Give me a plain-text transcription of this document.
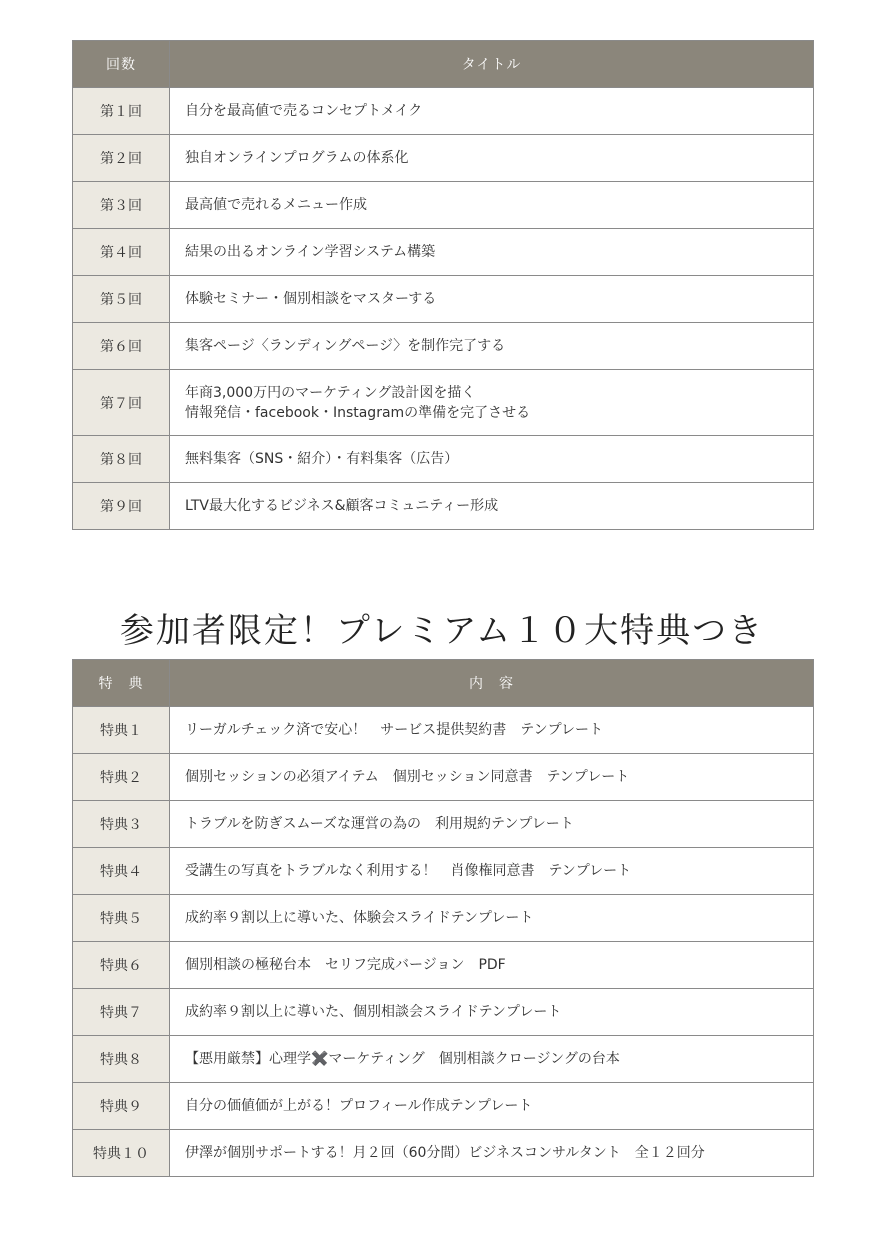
回数	タイトル
第１回	自分を最高値で売るコンセプトメイク

第２回	独自オンラインプログラムの体系化

第３回	最高値で売れるメニュー作成

第４回	結果の出るオンライン学習システム構築

第５回	体験セミナー・個別相談をマスターする

第６回	集客ページ〈ランディングページ〉を制作完了する

第７回	年商3,000万円のマーケティング設計図を描く
情報発信・facebook・Instagramの準備を完了させる

第８回	無料集客（SNS・紹介）・有料集客（広告）

第９回	LTV最大化するビジネス&顧客コミュニティー形成
参加者限定！プレミアム１０大特典つき
特　典	内　容
特典１	リーガルチェック済で安心！　サービス提供契約書　テンプレート
特典２	個別セッションの必須アイテム　個別セッション同意書　テンプレート
特典３	トラブルを防ぎスムーズな運営の為の　利用規約テンプレート
特典４	受講生の写真をトラブルなく利用する！　肖像権同意書　テンプレート
特典５	成約率９割以上に導いた、体験会スライドテンプレート
特典６	個別相談の極秘台本　セリフ完成バージョン　PDF
特典７	成約率９割以上に導いた、個別相談会スライドテンプレート
特典８	【悪用厳禁】心理学✖️マーケティング　個別相談クロージングの台本
特典９	自分の価値価が上がる！プロフィール作成テンプレート
特典１０	伊澤が個別サポートする！月２回（60分間）ビジネスコンサルタント　全１２回分
